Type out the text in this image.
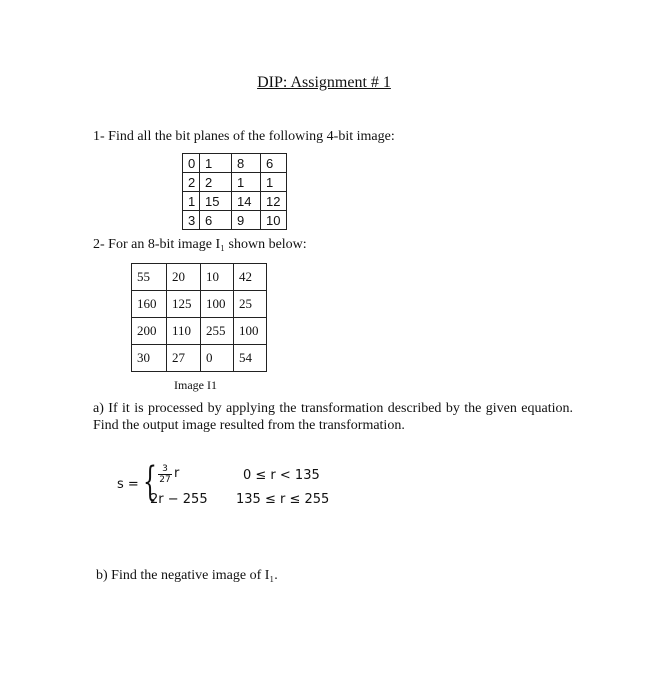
DIP: Assignment # 1
1- Find all the bit planes of the following 4-bit image:
0	1	8	6
2	2	1	1
1	15	14	12
3	6	9	10
2- For an 8-bit image I₁ shown below:
55	20	10	42
160	125	100	25
200	110	255	100
30	27	0	54
Image I1
a) If it is processed by applying the transformation described by the given equation. Find the output image resulted from the transformation.
s = { $\frac{3}{27}$ r	0 ≤ r < 135
2r − 255 135 ≤ r ≤ 255
b) Find the negative image of I₁.
